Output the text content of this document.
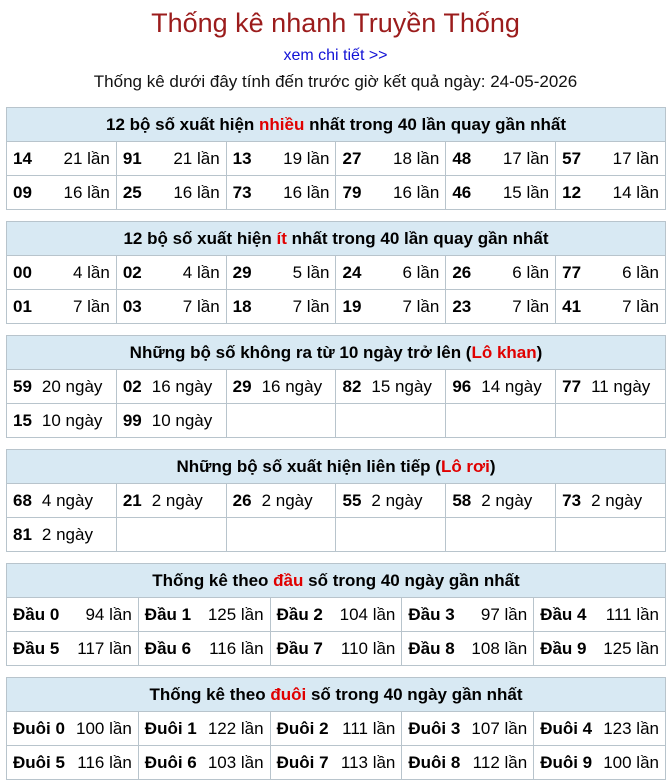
Thống kê nhanh Truyền Thống
xem chi tiết >>
Thống kê dưới đây tính đến trước giờ kết quả ngày: 24-05-2026
12 bộ số xuất hiện nhiều nhất trong 40 lần quay gần nhất					
14 21 lần	91 21 lần	13 19 lần	27 18 lần	48 17 lần	57 17 lần

09 16 lần	25 16 lần	73 16 lần	79 16 lần	46 15 lần	12 14 lần
12 bộ số xuất hiện ít nhất trong 40 lần quay gần nhất					
00 4 lần	02 4 lần	29 5 lần	24 6 lần	26 6 lần	77 6 lần

01 7 lần	03 7 lần	18 7 lần	19 7 lần	23 7 lần	41 7 lần
Những bộ số không ra từ 10 ngày trở lên (Lô khan)					
59 20 ngày	02 16 ngày	29 16 ngày	82 15 ngày	96 14 ngày	77 11 ngày
15 10 ngày	99 10 ngày				
Những bộ số xuất hiện liên tiếp (Lô rơi)					
68 4 ngày	21 2 ngày	26 2 ngày	55 2 ngày	58 2 ngày	73 2 ngày
81 2 ngày					
Thống kê theo đầu số trong 40 ngày gần nhất				
Đầu 0 94 lần	Đầu 1 125 lần	Đầu 2 104 lần	Đầu 3 97 lần	Đầu 4 111 lần

Đầu 5 117 lần	Đầu 6 116 lần	Đầu 7 110 lần	Đầu 8 108 lần	Đầu 9 125 lần
Thống kê theo đuôi số trong 40 ngày gần nhất				
Đuôi 0 100 lần	Đuôi 1 122 lần	Đuôi 2 111 lần	Đuôi 3 107 lần	Đuôi 4 123 lần

Đuôi 5 116 lần	Đuôi 6 103 lần	Đuôi 7 113 lần	Đuôi 8 112 lần	Đuôi 9 100 lần
